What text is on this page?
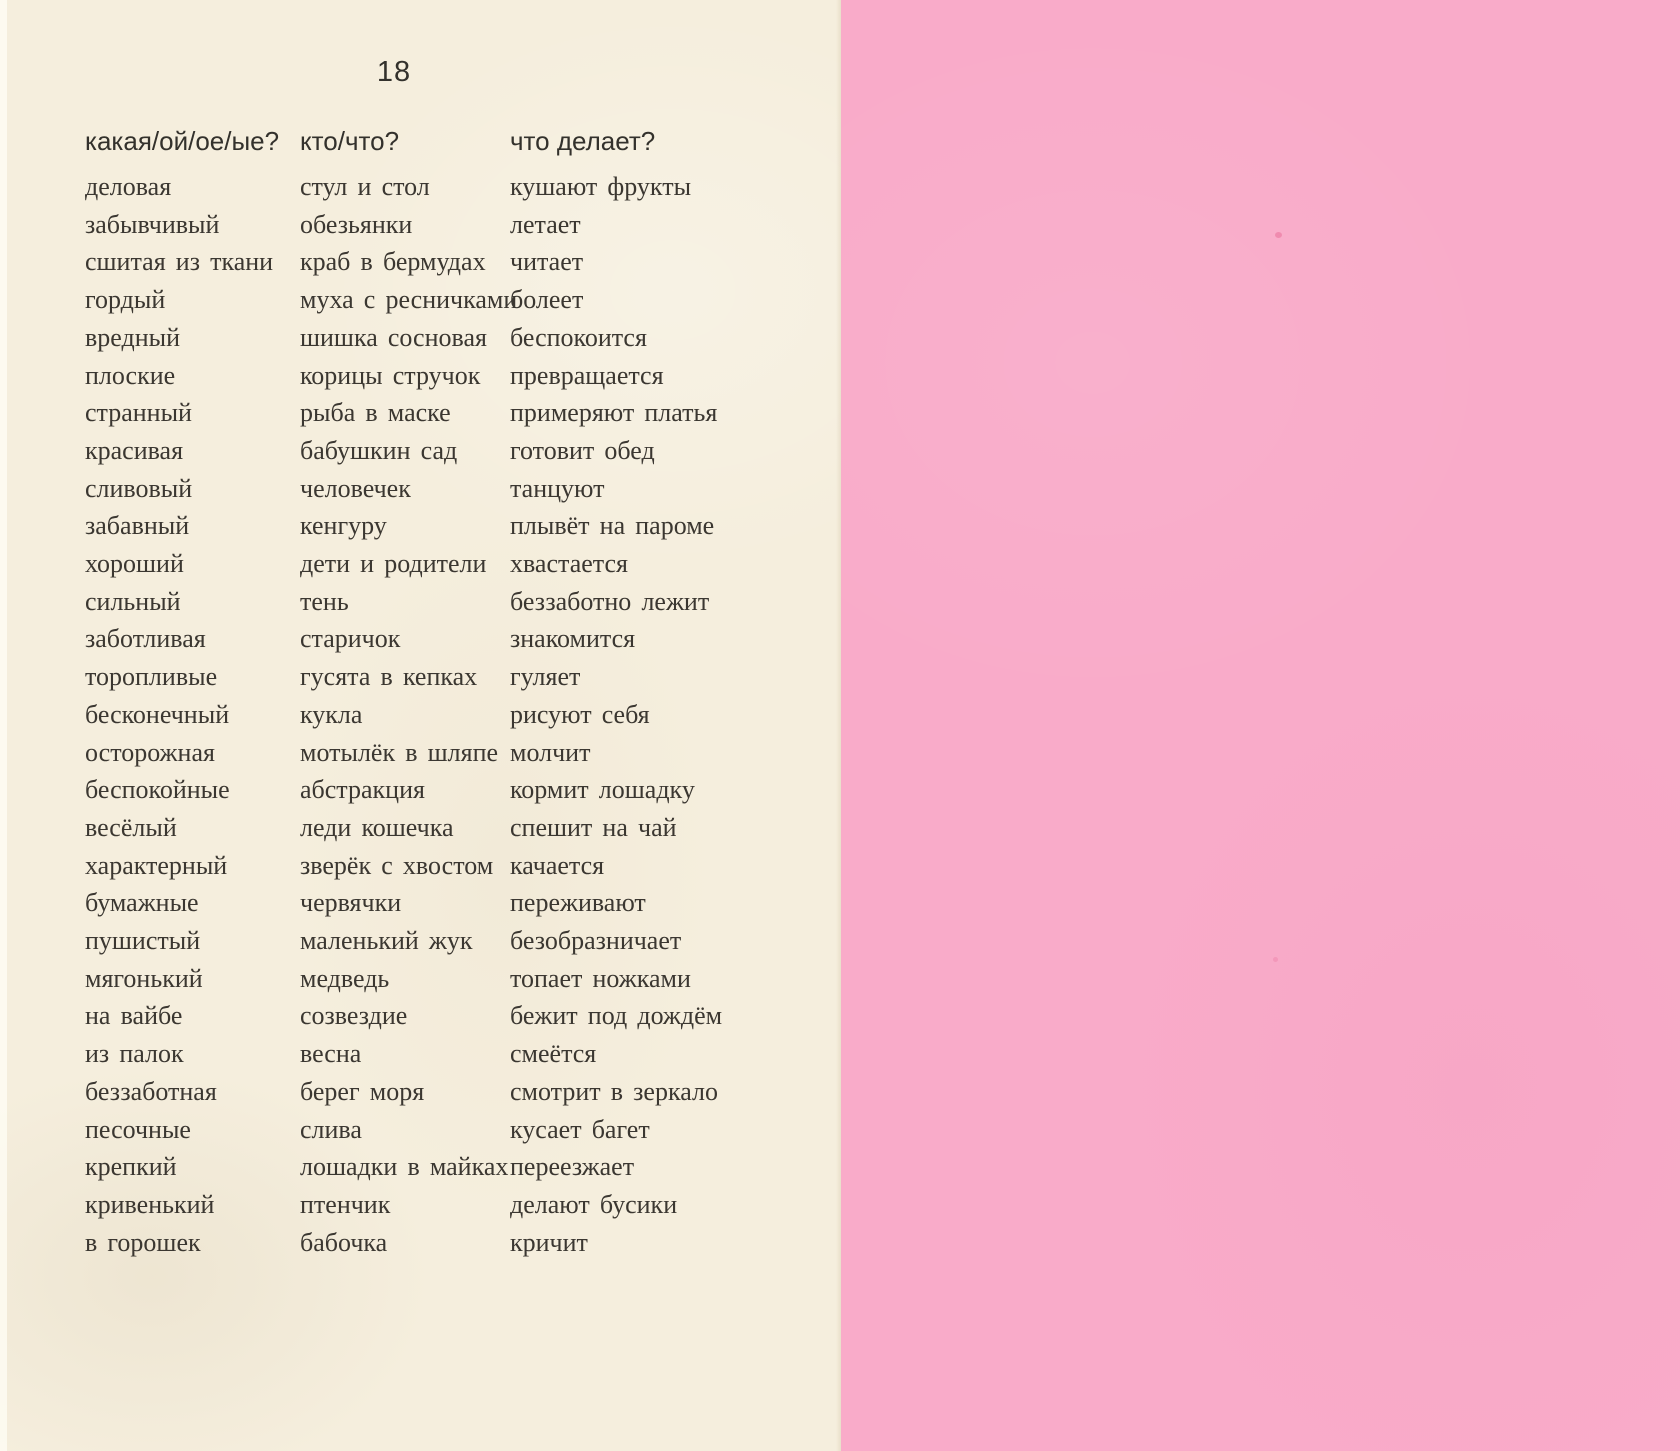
18
какая/ой/ое/ые?
деловая
забывчивый
сшитая из ткани
гордый
вредный
плоские
странный
красивая
сливовый
забавный
хороший
сильный
заботливая
торопливые
бесконечный
осторожная
беспокойные
весёлый
характерный
бумажные
пушистый
мягонький
на вайбе
из палок
беззаботная
песочные
крепкий
кривенький
в горошек
кто/что?
стул и стол
обезьянки
краб в бермудах
муха с ресничками
шишка сосновая
корицы стручок
рыба в маске
бабушкин сад
человечек
кенгуру
дети и родители
тень
старичок
гусята в кепках
кукла
мотылёк в шляпе
абстракция
леди кошечка
зверёк с хвостом
червячки
маленький жук
медведь
созвездие
весна
берег моря
слива
лошадки в майках
птенчик
бабочка
что делает?
кушают фрукты
летает
читает
болеет
беспокоится
превращается
примеряют платья
готовит обед
танцуют
плывёт на пароме
хвастается
беззаботно лежит
знакомится
гуляет
рисуют себя
молчит
кормит лошадку
спешит на чай
качается
переживают
безобразничает
топает ножками
бежит под дождём
смеётся
смотрит в зеркало
кусает багет
переезжает
делают бусики
кричит
